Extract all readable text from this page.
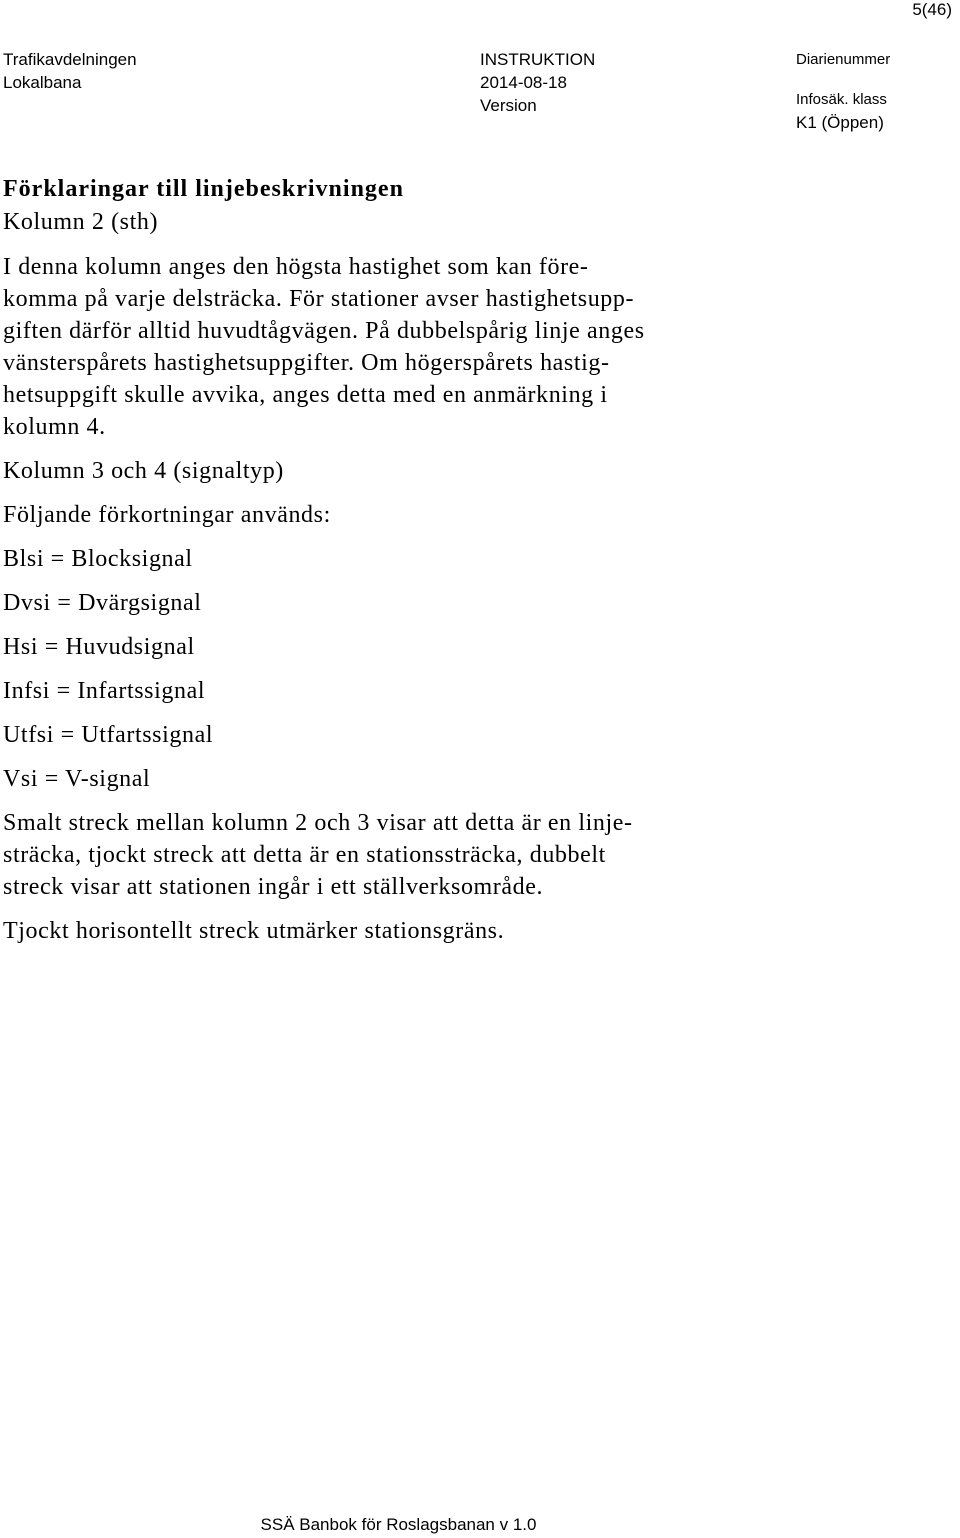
5(46)
Trafikavdelningen
Lokalbana
INSTRUKTION
2014-08-18
Version
Diarienummer
Infosäk. klass
K1 (Öppen)
Förklaringar till linjebeskrivningen
Kolumn 2 (sth)
I denna kolumn anges den högsta hastighet som kan före-
komma på varje delsträcka. För stationer avser hastighetsupp-
giften därför alltid huvudtågvägen. På dubbelspårig linje anges
vänsterspårets hastighetsuppgifter. Om högerspårets hastig-
hetsuppgift skulle avvika, anges detta med en anmärkning i
kolumn 4.
Kolumn 3 och 4 (signaltyp)
Följande förkortningar används:
Blsi = Blocksignal
Dvsi = Dvärgsignal
Hsi = Huvudsignal
Infsi = Infartssignal
Utfsi = Utfartssignal
Vsi = V-signal
Smalt streck mellan kolumn 2 och 3 visar att detta är en linje-
sträcka, tjockt streck att detta är en stationssträcka, dubbelt
streck visar att stationen ingår i ett ställverksområde.
Tjockt horisontellt streck utmärker stationsgräns.
SSÄ Banbok för Roslagsbanan v 1.0
